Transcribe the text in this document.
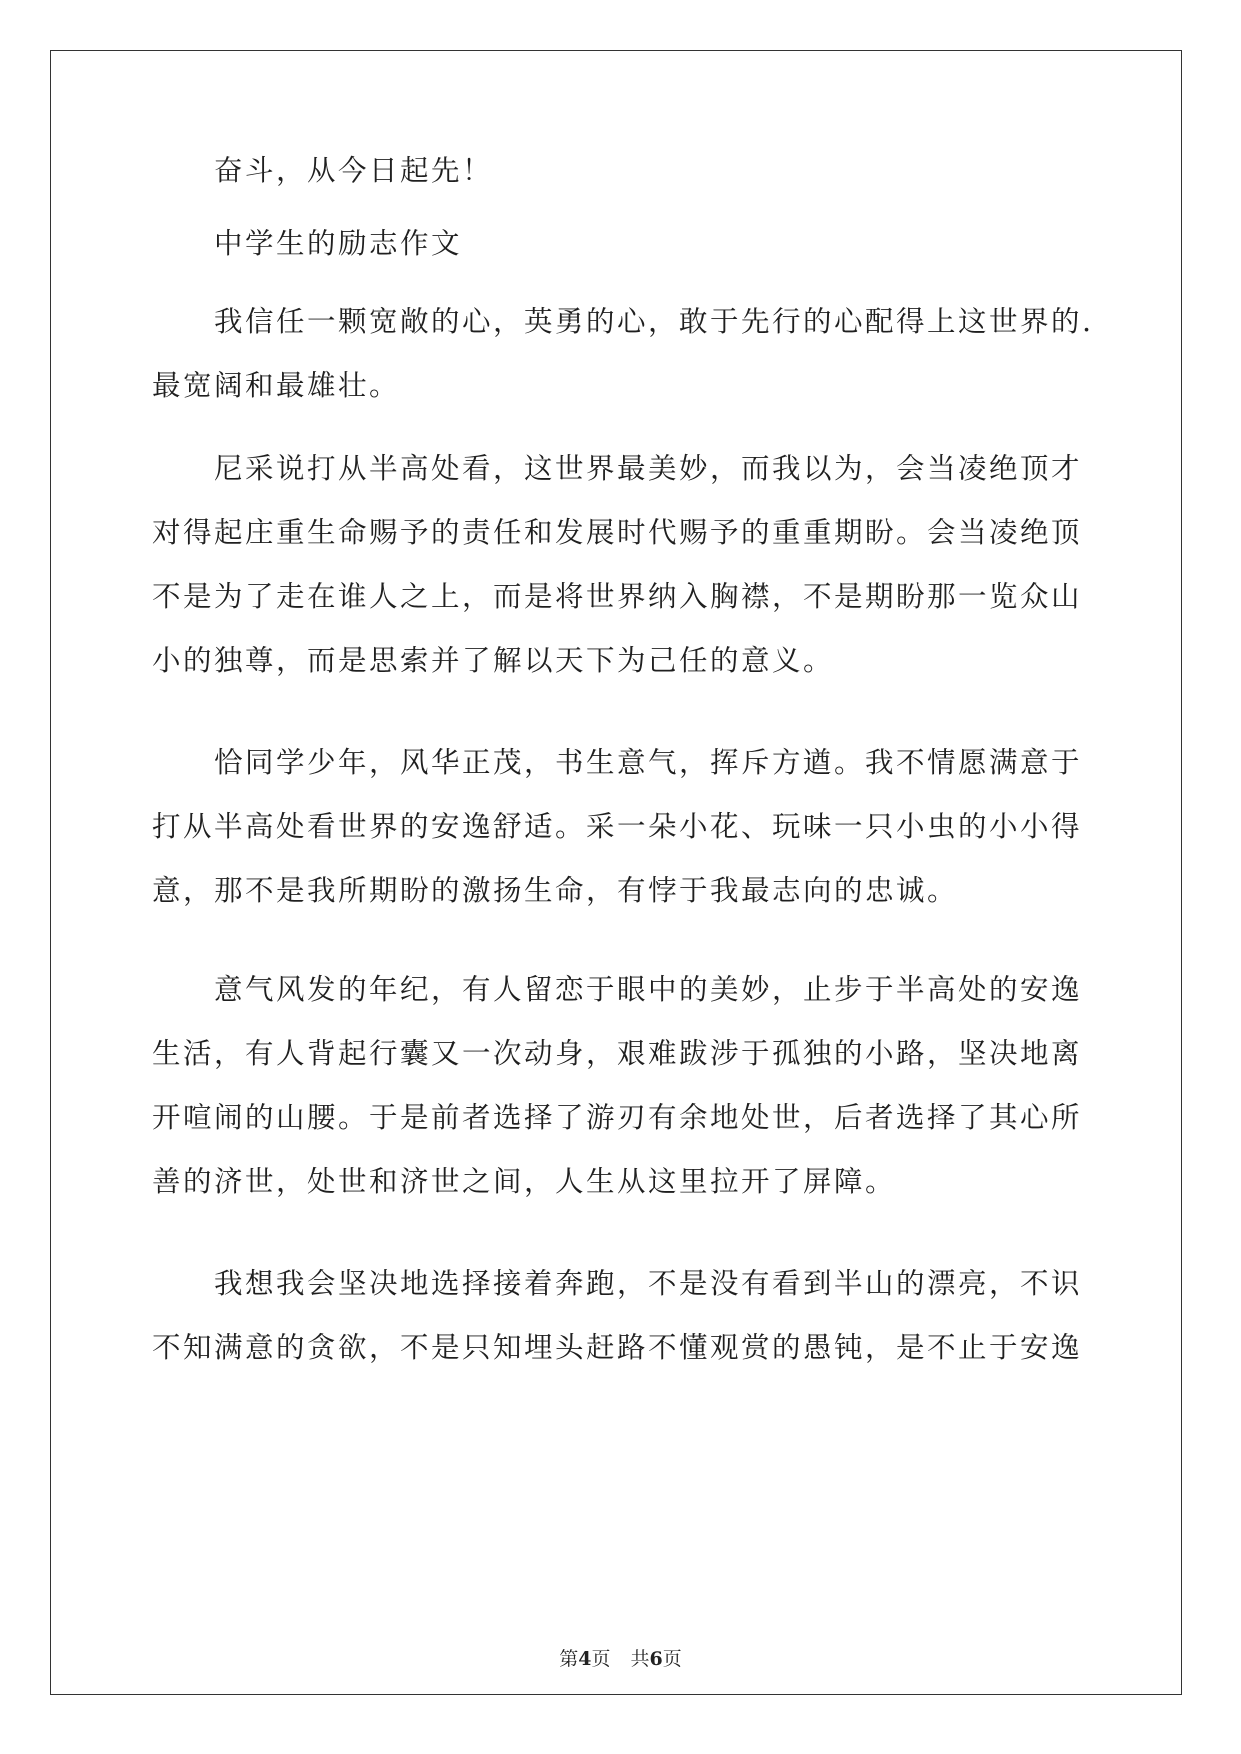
奋斗，从今日起先！

中学生的励志作文

我信任一颗宽敞的心，英勇的心，敢于先行的心配得上这世界的.
最宽阔和最雄壮。

尼采说打从半高处看，这世界最美妙，而我以为，会当凌绝顶才
对得起庄重生命赐予的责任和发展时代赐予的重重期盼。会当凌绝顶
不是为了走在谁人之上，而是将世界纳入胸襟，不是期盼那一览众山
小的独尊，而是思索并了解以天下为己任的意义。

恰同学少年，风华正茂，书生意气，挥斥方遒。我不情愿满意于
打从半高处看世界的安逸舒适。采一朵小花、玩味一只小虫的小小得
意，那不是我所期盼的激扬生命，有悖于我最志向的忠诚。

意气风发的年纪，有人留恋于眼中的美妙，止步于半高处的安逸
生活，有人背起行囊又一次动身，艰难跋涉于孤独的小路，坚决地离
开喧闹的山腰。于是前者选择了游刃有余地处世，后者选择了其心所
善的济世，处世和济世之间，人生从这里拉开了屏障。

我想我会坚决地选择接着奔跑，不是没有看到半山的漂亮，不识
不知满意的贪欲，不是只知埋头赶路不懂观赏的愚钝，是不止于安逸

第4页 共6页
